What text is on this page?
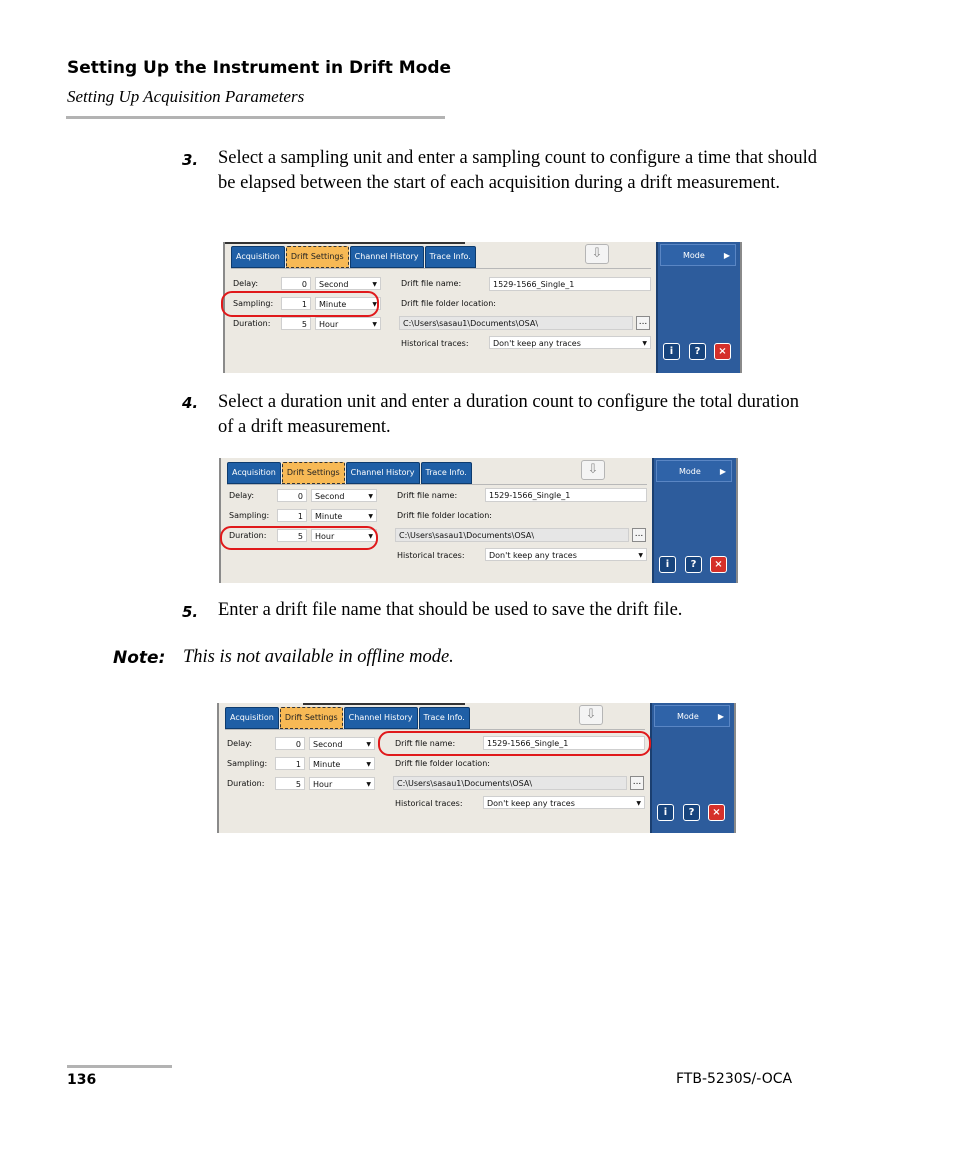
Setting Up the Instrument in Drift Mode
Setting Up Acquisition Parameters
3. Select a sampling unit and enter a sampling count to configure a time that should be elapsed between the start of each acquisition during a drift measurement.
Acquisition	Drift Settings	Channel History	Trace Info.	⇩
Delay:	0	Second	▼
Sampling:	1	Minute	▼
Duration:	5	Hour	▼
Drift file name:	1529-1566_Single_1
Drift file folder location:
C:\Users\sasau1\Documents\OSA\	...
Historical traces:	Don't keep any traces	▼
Mode ▶
i	?	×
4. Select a duration unit and enter a duration count to configure the total duration of a drift measurement.
Acquisition	Drift Settings	Channel History	Trace Info.	⇩
Delay:	0	Second	▼
Sampling:	1	Minute	▼
Duration:	5	Hour	▼
Drift file name:	1529-1566_Single_1
Drift file folder location:
C:\Users\sasau1\Documents\OSA\	...
Historical traces:	Don't keep any traces	▼
Mode ▶
i	?	×
5. Enter a drift file name that should be used to save the drift file.
Note: This is not available in offline mode.
Acquisition	Drift Settings	Channel History	Trace Info.	⇩
Delay:	0	Second	▼
Sampling:	1	Minute	▼
Duration:	5	Hour	▼
Drift file name:	1529-1566_Single_1
Drift file folder location:
C:\Users\sasau1\Documents\OSA\	...
Historical traces:	Don't keep any traces	▼
Mode ▶
i	?	×
136	FTB-5230S/-OCA
